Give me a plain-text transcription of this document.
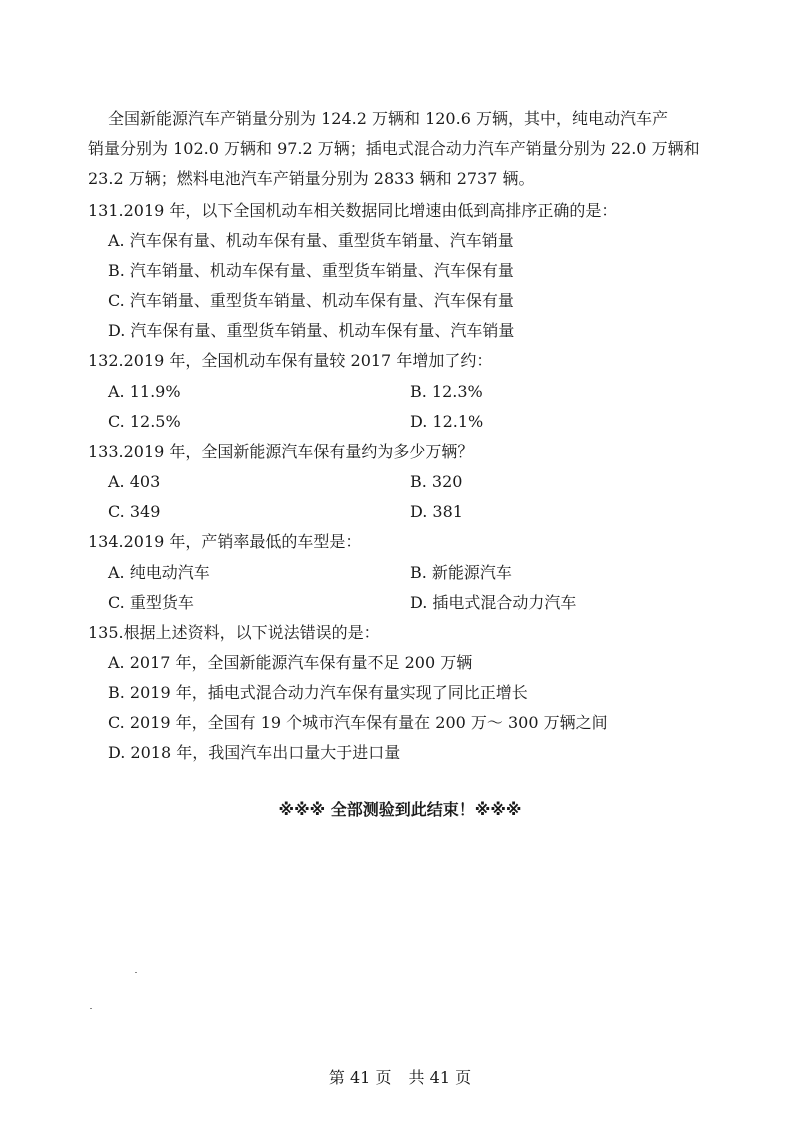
全国新能源汽车产销量分别为 124.2 万辆和 120.6 万辆，其中，纯电动汽车产
销量分别为 102.0 万辆和 97.2 万辆；插电式混合动力汽车产销量分别为 22.0 万辆和
23.2 万辆；燃料电池汽车产销量分别为 2833 辆和 2737 辆。
131.2019 年，以下全国机动车相关数据同比增速由低到高排序正确的是：
A. 汽车保有量、机动车保有量、重型货车销量、汽车销量
B. 汽车销量、机动车保有量、重型货车销量、汽车保有量
C. 汽车销量、重型货车销量、机动车保有量、汽车保有量
D. 汽车保有量、重型货车销量、机动车保有量、汽车销量
132.2019 年，全国机动车保有量较 2017 年增加了约：
A. 11.9%	B. 12.3%
C. 12.5%	D. 12.1%
133.2019 年，全国新能源汽车保有量约为多少万辆？
A. 403	B. 320
C. 349	D. 381
134.2019 年，产销率最低的车型是：
A. 纯电动汽车	B. 新能源汽车
C. 重型货车	D. 插电式混合动力汽车
135.根据上述资料，以下说法错误的是：
A. 2017 年，全国新能源汽车保有量不足 200 万辆
B. 2019 年，插电式混合动力汽车保有量实现了同比正增长
C. 2019 年，全国有 19 个城市汽车保有量在 200 万～ 300 万辆之间
D. 2018 年，我国汽车出口量大于进口量
※※※ 全部测验到此结束！※※※
第 41 页 共 41 页
